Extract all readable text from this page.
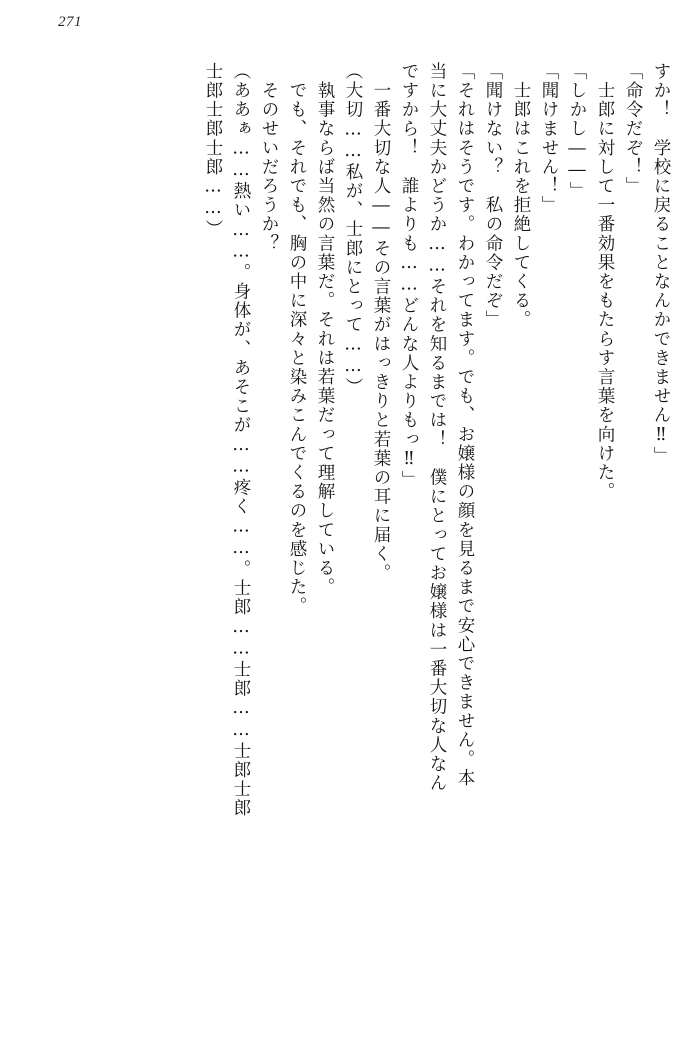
271
すか！　学校に戻ることなんかできません‼」
「命令だぞ！」
　士郎に対して一番効果をもたらす言葉を向けた。
「しかし――」
「聞けません！」
　士郎はこれを拒絶してくる。
「聞けない？　私の命令だぞ」
「それはそうです。わかってます。でも、お嬢様の顔を見るまで安心できません。本
当に大丈夫かどうか……それを知るまでは！　僕にとってお嬢様は一番大切な人なん
ですから！　誰よりも……どんな人よりもっ‼」
　一番大切な人――その言葉がはっきりと若葉の耳に届く。
（大切……私が、士郎にとって……）
　執事ならば当然の言葉だ。それは若葉だって理解している。
　でも、それでも、胸の中に深々と染みこんでくるのを感じた。
　そのせいだろうか？
（ああぁ……熱い……。身体が、あそこが……疼く……。士郎……士郎……士郎士郎
士郎士郎士郎……）
